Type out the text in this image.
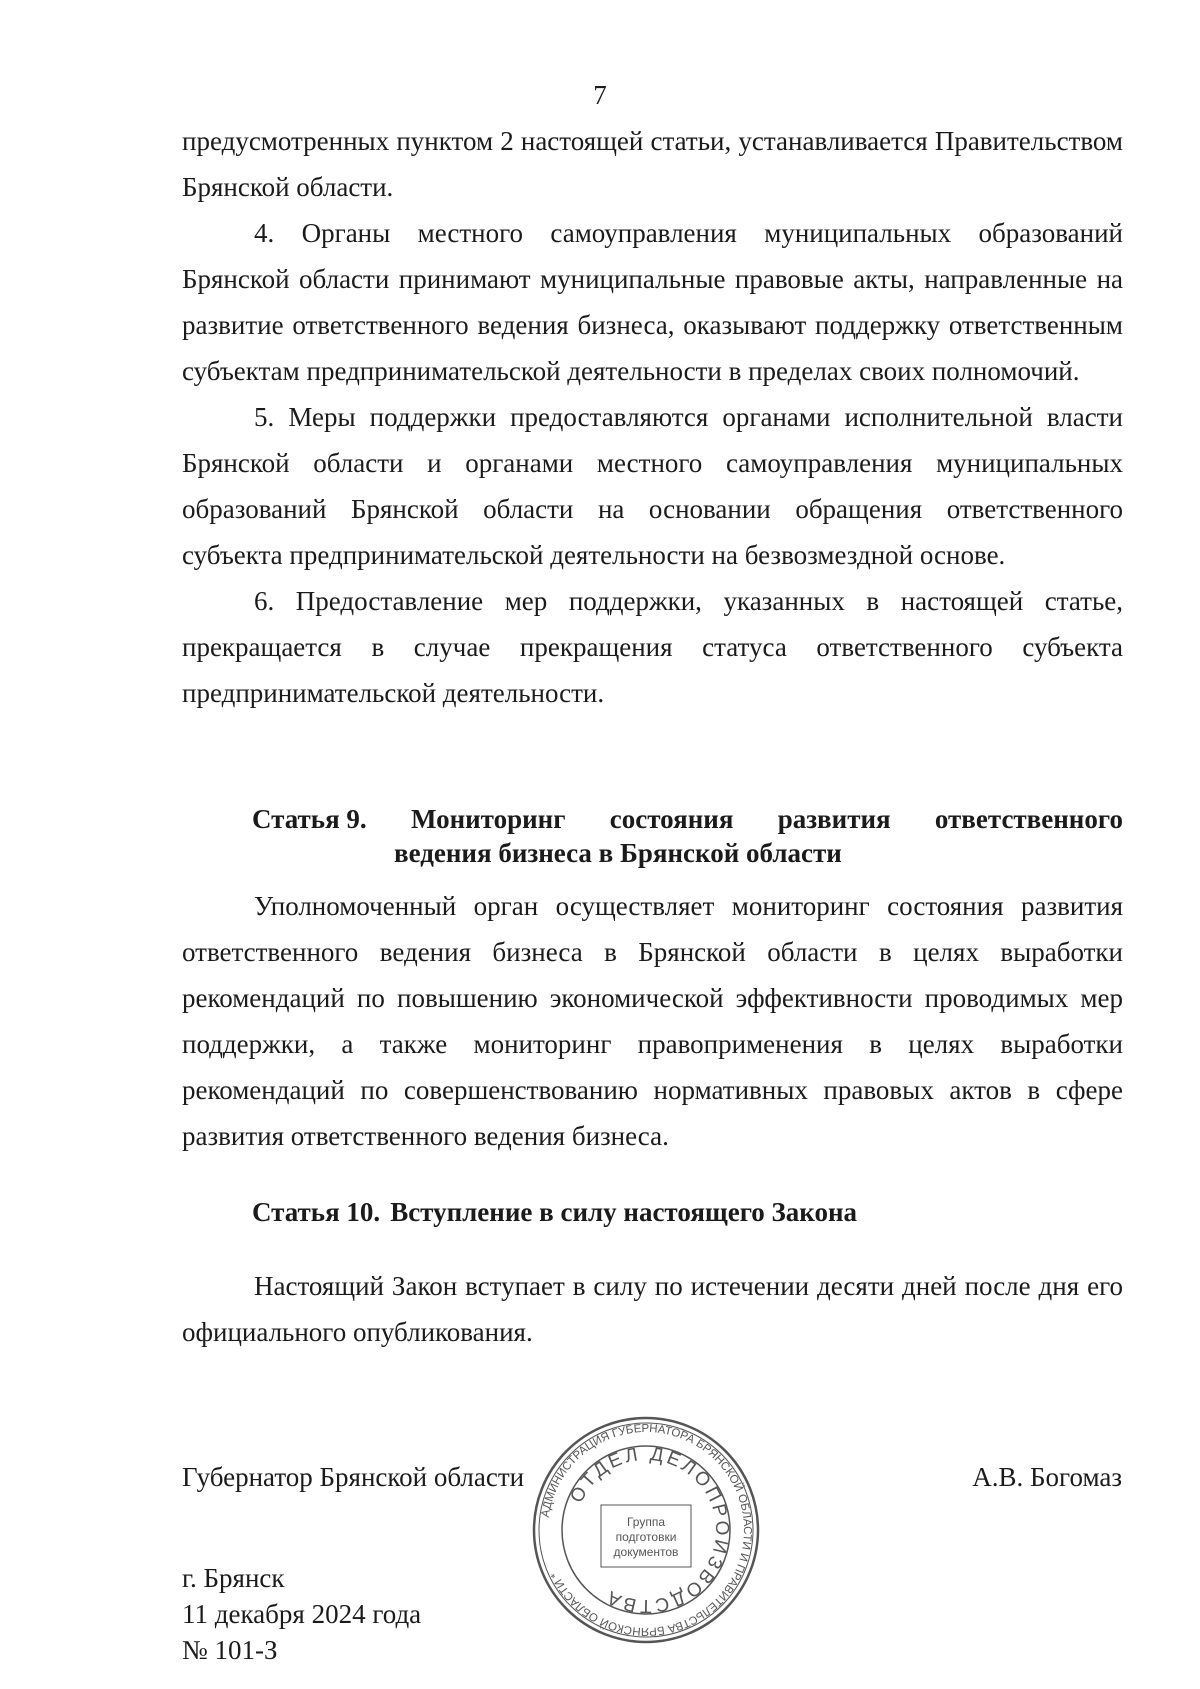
7

предусмотренных пунктом 2 настоящей статьи, устанавливается Правительством Брянской области.

4. Органы местного самоуправления муниципальных образований Брянской области принимают муниципальные правовые акты, направленные на развитие ответственного ведения бизнеса, оказывают поддержку ответственным субъектам предпринимательской деятельности в пределах своих полномочий.

5. Меры поддержки предоставляются органами исполнительной власти Брянской области и органами местного самоуправления муниципальных образований Брянской области на основании обращения ответственного субъекта предпринимательской деятельности на безвозмездной основе.

6. Предоставление мер поддержки, указанных в настоящей статье, прекращается в случае прекращения статуса ответственного субъекта предпринимательской деятельности.

Статья 9. Мониторинг состояния развития ответственного
ведения бизнеса в Брянской области

Уполномоченный орган осуществляет мониторинг состояния развития ответственного ведения бизнеса в Брянской области в целях выработки рекомендаций по повышению экономической эффективности проводимых мер поддержки, а также мониторинг правоприменения в целях выработки рекомендаций по совершенствованию нормативных правовых актов в сфере развития ответственного ведения бизнеса.

Статья 10. Вступление в силу настоящего Закона

Настоящий Закон вступает в силу по истечении десяти дней после дня его официального опубликования.

Губернатор Брянской области	А.В. Богомаз
АДМИНИСТРАЦИЯ ГУБЕРНАТОРА БРЯНСКОЙ ОБЛАСТИ И ПРАВИТЕЛЬСТВА БРЯНСКОЙ ОБЛАСТИ *
ОТДЕЛ ДЕЛОПРОИЗВОДСТВА
Группа
подготовки
документов
г. Брянск
11 декабря 2024 года
№ 101-З
